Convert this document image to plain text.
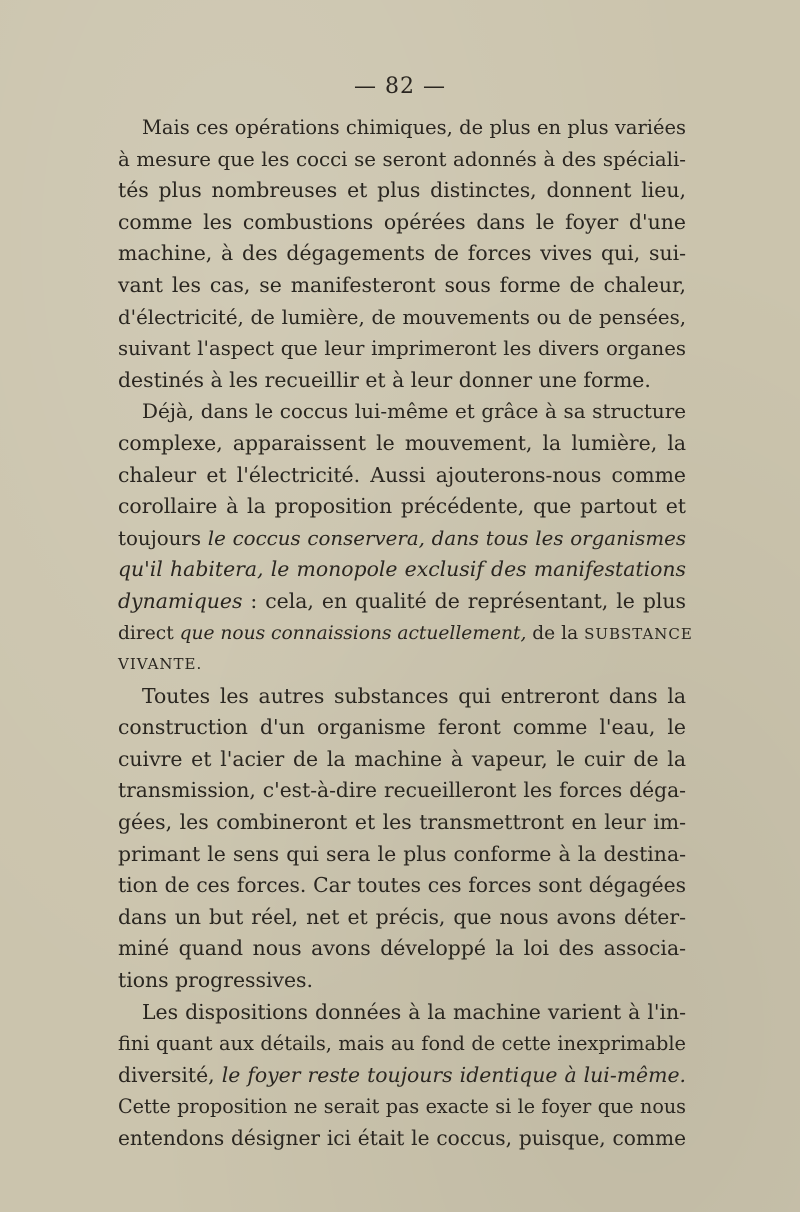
— 82 —
Mais ces opérations chimiques, de plus en plus variées
à mesure que les cocci se seront adonnés à des spéciali-
tés plus nombreuses et plus distinctes, donnent lieu,
comme les combustions opérées dans le foyer d'une
machine, à des dégagements de forces vives qui, sui-
vant les cas, se manifesteront sous forme de chaleur,
d'électricité, de lumière, de mouvements ou de pensées,
suivant l'aspect que leur imprimeront les divers organes
destinés à les recueillir et à leur donner une forme.
Déjà, dans le coccus lui-même et grâce à sa structure
complexe, apparaissent le mouvement, la lumière, la
chaleur et l'électricité. Aussi ajouterons-nous comme
corollaire à la proposition précédente, que partout et
toujours le coccus conservera, dans tous les organismes
qu'il habitera, le monopole exclusif des manifestations
dynamiques : cela, en qualité de représentant, le plus
direct que nous connaissions actuellement, de la SUBSTANCE
VIVANTE.
Toutes les autres substances qui entreront dans la
construction d'un organisme feront comme l'eau, le
cuivre et l'acier de la machine à vapeur, le cuir de la
transmission, c'est-à-dire recueilleront les forces déga-
gées, les combineront et les transmettront en leur im-
primant le sens qui sera le plus conforme à la destina-
tion de ces forces. Car toutes ces forces sont dégagées
dans un but réel, net et précis, que nous avons déter-
miné quand nous avons développé la loi des associa-
tions progressives.
Les dispositions données à la machine varient à l'in-
fini quant aux détails, mais au fond de cette inexprimable
diversité, le foyer reste toujours identique à lui-même.
Cette proposition ne serait pas exacte si le foyer que nous
entendons désigner ici était le coccus, puisque, comme
